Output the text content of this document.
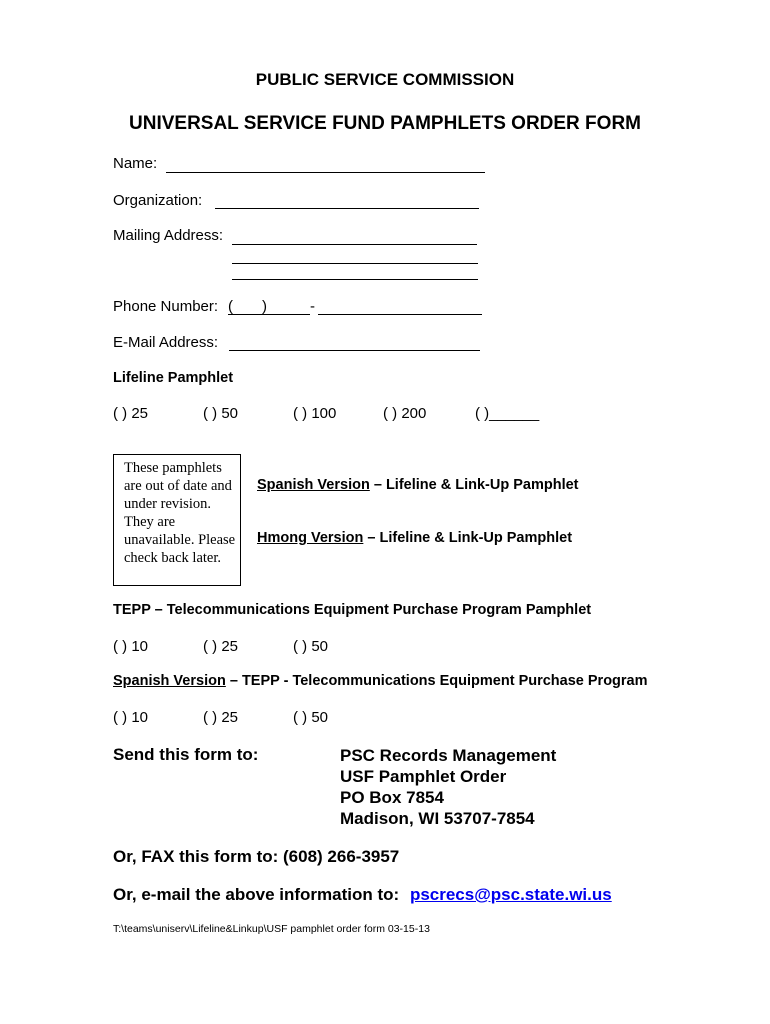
PUBLIC SERVICE COMMISSION
UNIVERSAL SERVICE FUND PAMPHLETS ORDER FORM
Name:
Organization:
Mailing Address:
Phone Number: ( )	-
E-Mail Address:
Lifeline Pamphlet
( ) 25	( ) 50	( ) 100	( ) 200	( )______
These pamphlets are out of date and under revision. They are unavailable. Please check back later.
Spanish Version – Lifeline & Link-Up Pamphlet
Hmong Version – Lifeline & Link-Up Pamphlet
TEPP – Telecommunications Equipment Purchase Program Pamphlet
( ) 10	( ) 25	( ) 50
Spanish Version – TEPP - Telecommunications Equipment Purchase Program
( ) 10	( ) 25	( ) 50
Send this form to:	PSC Records Management
USF Pamphlet Order
PO Box 7854
Madison, WI 53707-7854
Or, FAX this form to: (608) 266-3957
Or, e-mail the above information to: pscrecs@psc.state.wi.us
T:\teams\uniserv\Lifeline&Linkup\USF pamphlet order form 03-15-13
